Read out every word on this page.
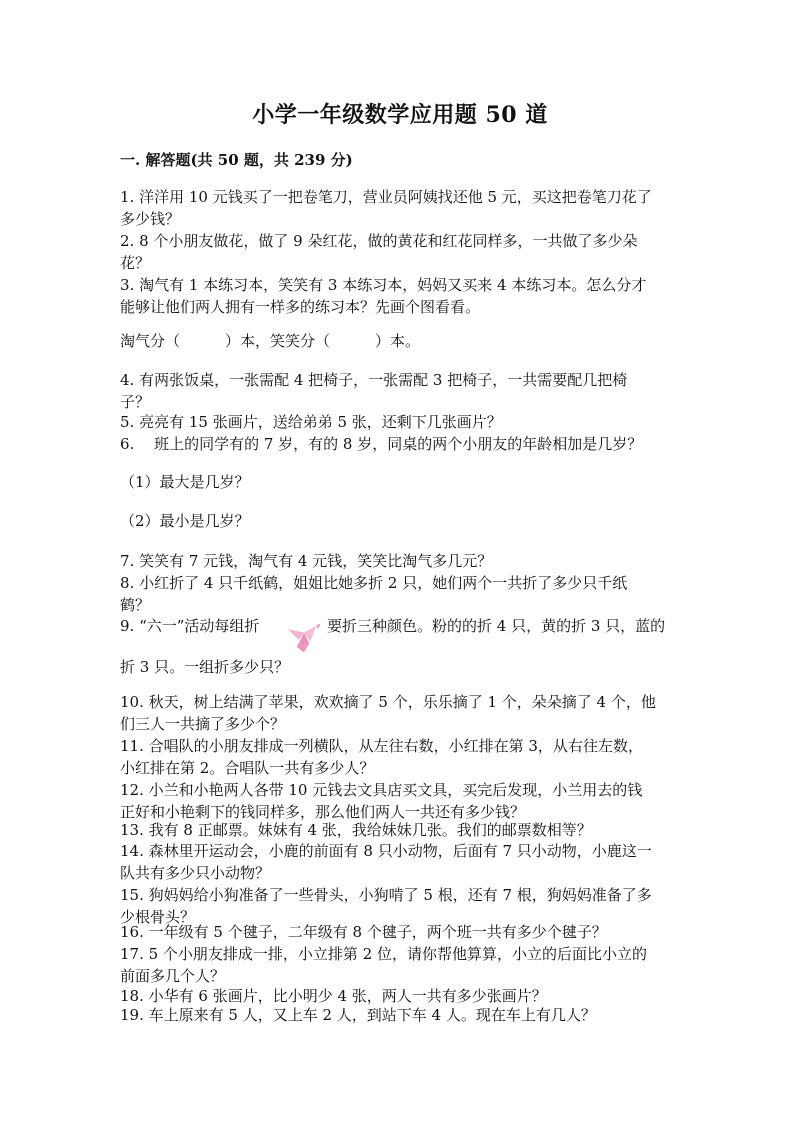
小学一年级数学应用题 50 道
一. 解答题(共 50 题，共 239 分)
1. 洋洋用 10 元钱买了一把卷笔刀，营业员阿姨找还他 5 元，买这把卷笔刀花了
多少钱？
2. 8 个小朋友做花，做了 9 朵红花，做的黄花和红花同样多，一共做了多少朵
花？
3. 淘气有 1 本练习本，笑笑有 3 本练习本，妈妈又买来 4 本练习本。怎么分才
能够让他们两人拥有一样多的练习本？先画个图看看。
淘气分（　　　）本，笑笑分（　　　）本。
4. 有两张饭桌，一张需配 4 把椅子，一张需配 3 把椅子，一共需要配几把椅
子？
5. 亮亮有 15 张画片，送给弟弟 5 张，还剩下几张画片？
6.　 班上的同学有的 7 岁，有的 8 岁，同桌的两个小朋友的年龄相加是几岁？
（1）最大是几岁？
（2）最小是几岁？
7. 笑笑有 7 元钱，淘气有 4 元钱，笑笑比淘气多几元？
8. 小红折了 4 只千纸鹤，姐姐比她多折 2 只，她们两个一共折了多少只千纸
鹤？
9. “六一”活动每组折	要折三种颜色。粉的的折 4 只，黄的折 3 只，蓝的
折 3 只。一组折多少只？
10. 秋天，树上结满了苹果，欢欢摘了 5 个，乐乐摘了 1 个，朵朵摘了 4 个，他
们三人一共摘了多少个？
11. 合唱队的小朋友排成一列横队，从左往右数，小红排在第 3，从右往左数，
小红排在第 2。合唱队一共有多少人？
12. 小兰和小艳两人各带 10 元钱去文具店买文具，买完后发现，小兰用去的钱
正好和小艳剩下的钱同样多，那么他们两人一共还有多少钱？
13. 我有 8 正邮票。妹妹有 4 张，我给妹妹几张。我们的邮票数相等？
14. 森林里开运动会，小鹿的前面有 8 只小动物，后面有 7 只小动物，小鹿这一
队共有多少只小动物？
15. 狗妈妈给小狗准备了一些骨头，小狗啃了 5 根，还有 7 根，狗妈妈准备了多
少根骨头？
16. 一年级有 5 个毽子，二年级有 8 个毽子，两个班一共有多少个毽子？
17. 5 个小朋友排成一排，小立排第 2 位，请你帮他算算，小立的后面比小立的
前面多几个人？
18. 小华有 6 张画片，比小明少 4 张，两人一共有多少张画片？
19. 车上原来有 5 人，又上车 2 人，到站下车 4 人。现在车上有几人？
